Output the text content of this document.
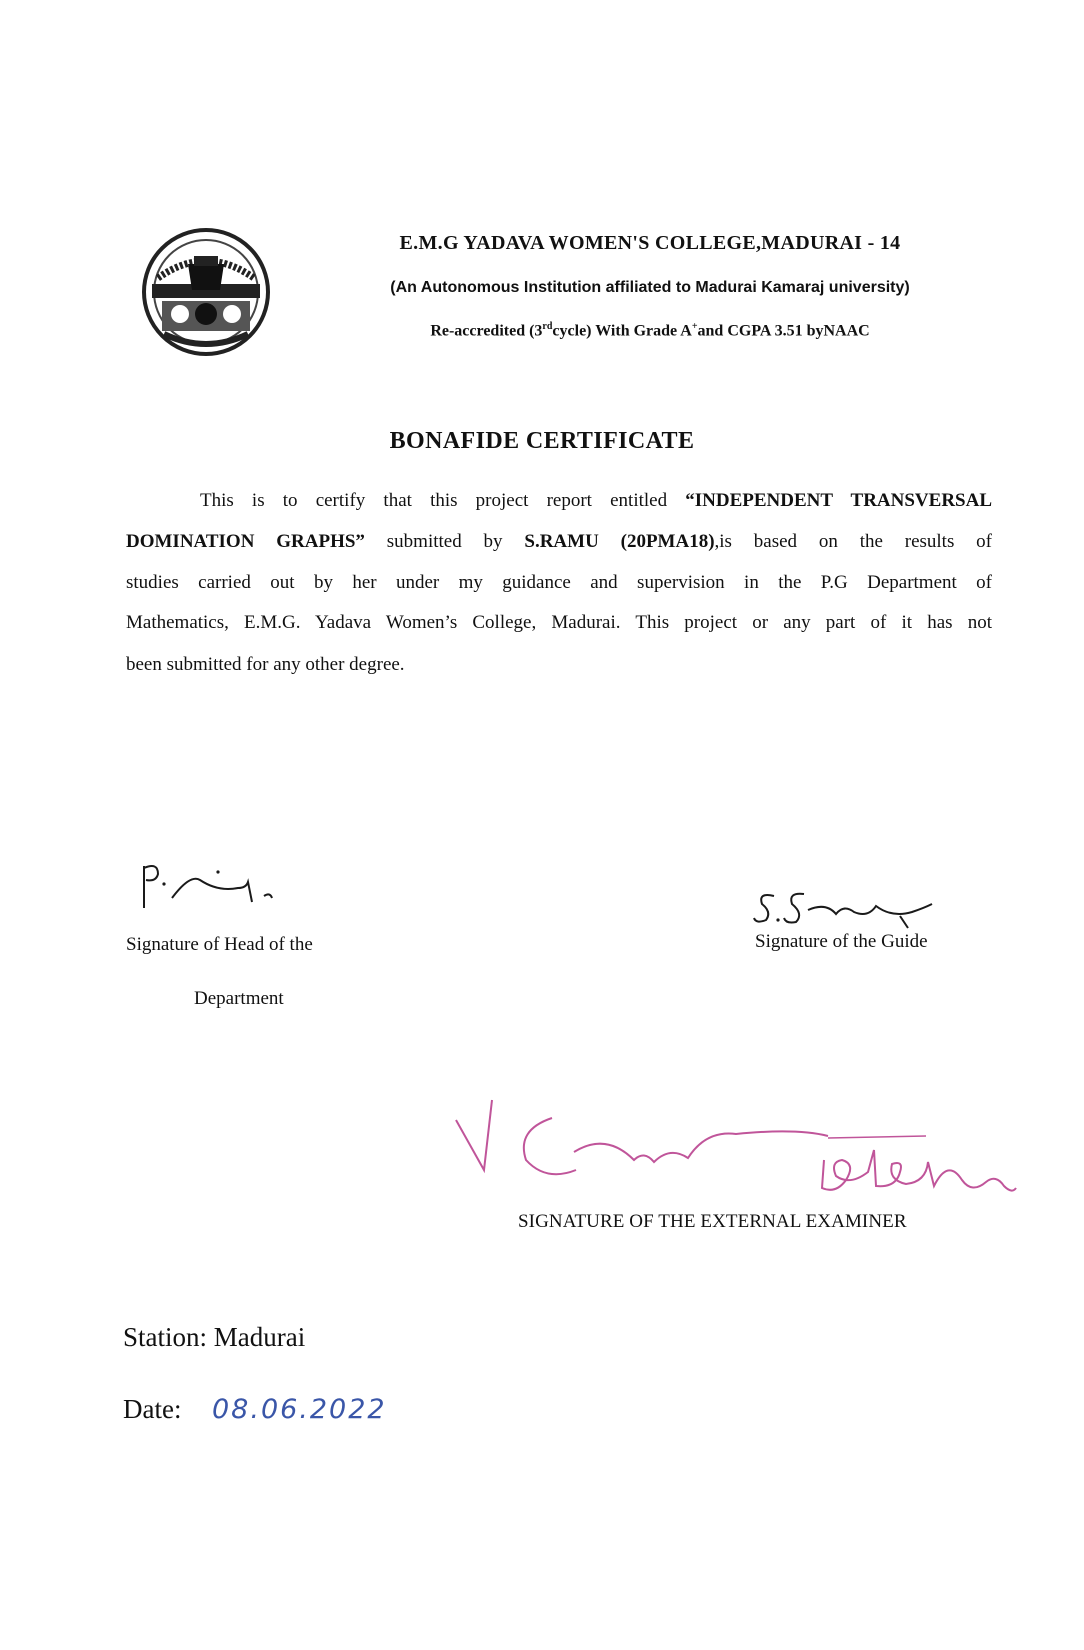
E.M.G YADAVA WOMEN'S COLLEGE,MADURAI - 14
(An Autonomous Institution affiliated to Madurai Kamaraj university)
Re-accredited (3rdcycle) With Grade A+and CGPA 3.51 byNAAC
BONAFIDE CERTIFICATE
This is to certify that this project report entitled “INDEPENDENT TRANSVERSAL
DOMINATION GRAPHS” submitted by S.RAMU (20PMA18),is based on the results of
studies carried out by her under my guidance and supervision in the P.G Department of
Mathematics, E.M.G. Yadava Women’s College, Madurai. This project or any part of it has not
been submitted for any other degree.
Signature of Head of the
Department
Signature of the Guide
SIGNATURE OF THE EXTERNAL EXAMINER
Station: Madurai
Date: 08.06.2022
